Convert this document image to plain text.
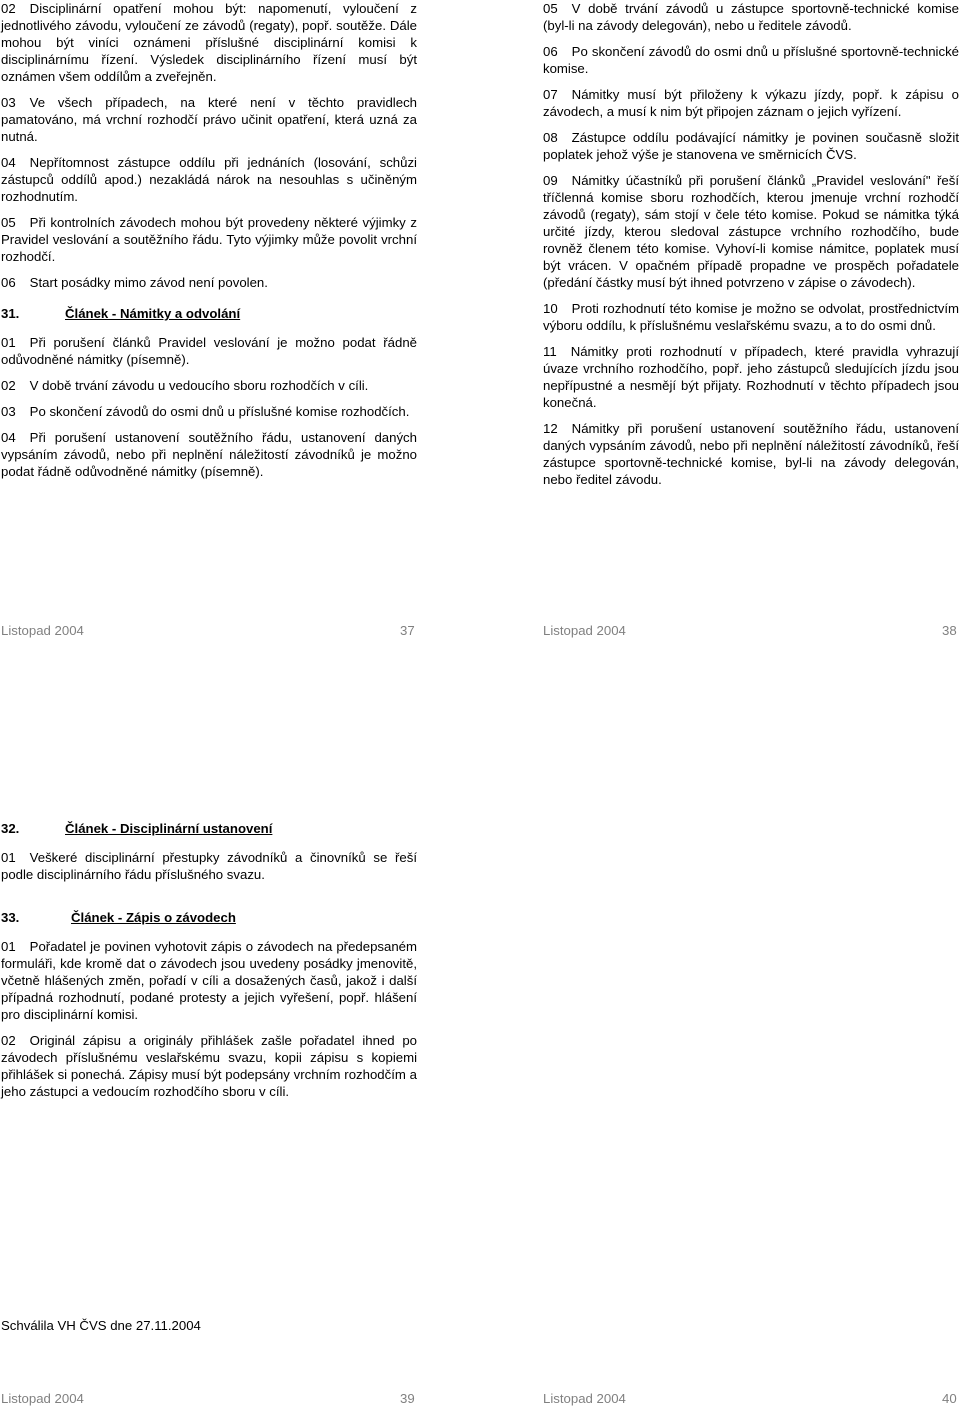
02 Disciplinární opatření mohou být: napomenutí, vyloučení z jednotlivého závodu, vyloučení ze závodů (regaty), popř. soutěže. Dále mohou být viníci oznámeni příslušné disciplinární komisi k disciplinárnímu řízení. Výsledek disciplinárního řízení musí být oznámen všem oddílům a zveřejněn.

03 Ve všech případech, na které není v těchto pravidlech pamatováno, má vrchní rozhodčí právo učinit opatření, která uzná za nutná.

04 Nepřítomnost zástupce oddílu při jednáních (losování, schůzi zástupců oddílů apod.) nezakládá nárok na nesouhlas s učiněným rozhodnutím.

05 Při kontrolních závodech mohou být provedeny některé výjimky z Pravidel veslování a soutěžního řádu. Tyto výjimky může povolit vrchní rozhodčí.

06 Start posádky mimo závod není povolen.

31.	Článek - Námitky a odvolání

01 Při porušení článků Pravidel veslování je možno podat řádně odůvodněné námitky (písemně).

02 V době trvání závodu u vedoucího sboru rozhodčích v cíli.

03 Po skončení závodů do osmi dnů u příslušné komise rozhodčích.

04 Při porušení ustanovení soutěžního řádu, ustanovení daných vypsáním závodů, nebo při neplnění náležitostí závodníků je možno podat řádně odůvodněné námitky (písemně).

05 V době trvání závodů u zástupce sportovně-technické komise (byl-li na závody delegován), nebo u ředitele závodů.

06 Po skončení závodů do osmi dnů u příslušné sportovně-technické komise.

07 Námitky musí být přiloženy k výkazu jízdy, popř. k zápisu o závodech, a musí k nim být připojen záznam o jejich vyřízení.

08 Zástupce oddílu podávající námitky je povinen současně složit poplatek jehož výše je stanovena ve směrnicích ČVS.

09 Námitky účastníků při porušení článků „Pravidel veslování" řeší tříčlenná komise sboru rozhodčích, kterou jmenuje vrchní rozhodčí závodů (regaty), sám stojí v čele této komise. Pokud se námitka týká určité jízdy, kterou sledoval zástupce vrchního rozhodčího, bude rovněž členem této komise. Vyhoví-li komise námitce, poplatek musí být vrácen. V opačném případě propadne ve prospěch pořadatele (předání částky musí být ihned potvrzeno v zápise o závodech).

10 Proti rozhodnutí této komise je možno se odvolat, prostřednictvím výboru oddílu, k příslušnému veslařskému svazu, a to do osmi dnů.

11 Námitky proti rozhodnutí v případech, které pravidla vyhrazují úvaze vrchního rozhodčího, popř. jeho zástupců sledujících jízdu jsou nepřípustné a nesmějí být přijaty. Rozhodnutí v těchto případech jsou konečná.

12 Námitky při porušení ustanovení soutěžního řádu, ustanovení daných vypsáním závodů, nebo při neplnění náležitostí závodníků, řeší zástupce sportovně-technické komise, byl-li na závody delegován, nebo ředitel závodu.

Listopad 2004	37	Listopad 2004	38
32.	Článek - Disciplinární ustanovení

01 Veškeré disciplinární přestupky závodníků a činovníků se řeší podle disciplinárního řádu příslušného svazu.

33.	Článek - Zápis o závodech

01 Pořadatel je povinen vyhotovit zápis o závodech na předepsaném formuláři, kde kromě dat o závodech jsou uvedeny posádky jmenovitě, včetně hlášených změn, pořadí v cíli a dosažených časů, jakož i další případná rozhodnutí, podané protesty a jejich vyřešení, popř. hlášení pro disciplinární komisi.

02 Originál zápisu a originály přihlášek zašle pořadatel ihned po závodech příslušnému veslařskému svazu, kopii zápisu s kopiemi přihlášek si ponechá. Zápisy musí být podepsány vrchním rozhodčím a jeho zástupci a vedoucím rozhodčího sboru v cíli.

Schválila VH ČVS dne 27.11.2004
Listopad 2004	39	Listopad 2004	40
